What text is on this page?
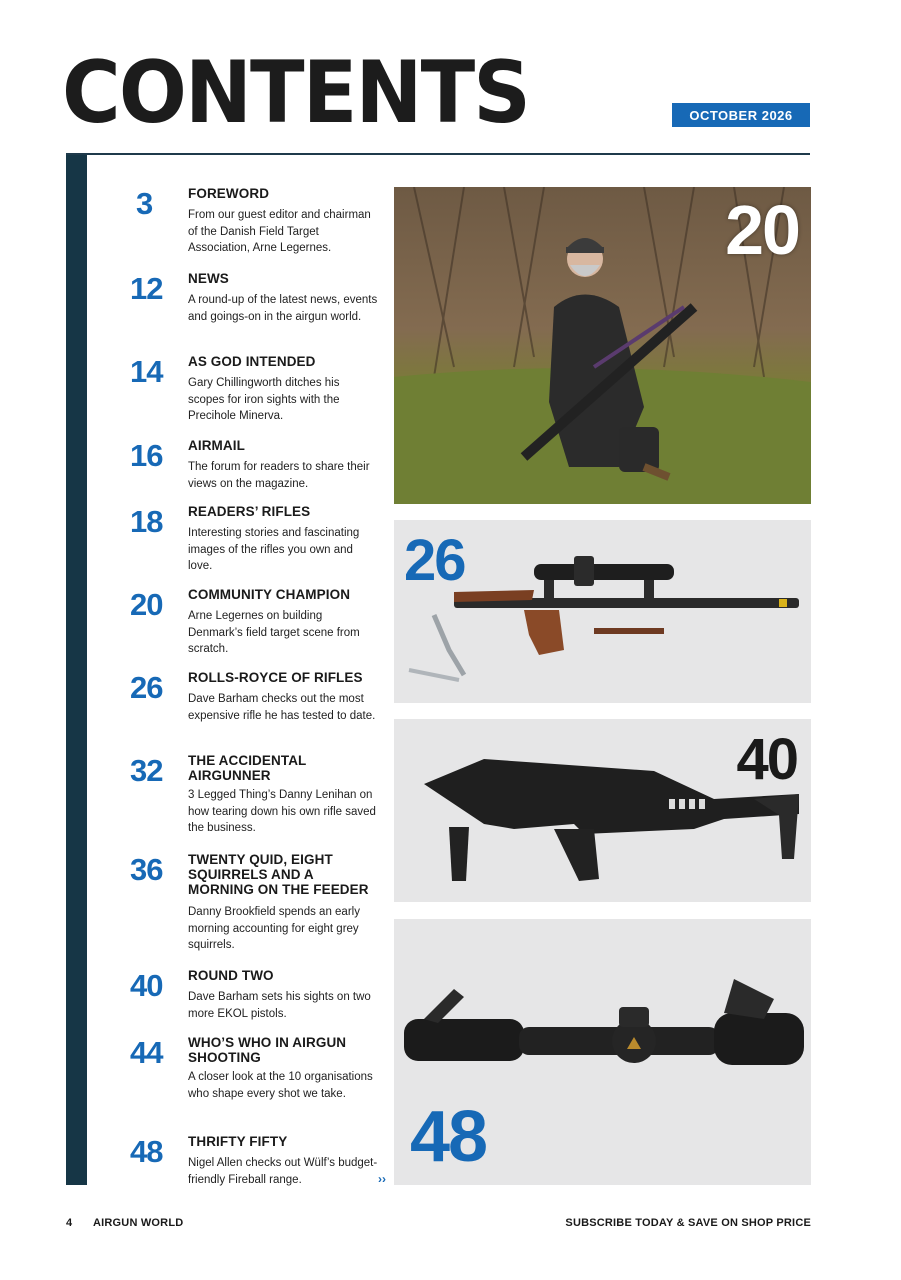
CONTENTS	OCTOBER 2026
3	FOREWORD
From our guest editor and chairman of the Danish Field Target Association, Arne Legernes.
12	NEWS
A round-up of the latest news, events and goings-on in the airgun world.
14	AS GOD INTENDED
Gary Chillingworth ditches his scopes for iron sights with the Precihole Minerva.
16	AIRMAIL
The forum for readers to share their views on the magazine.
18	READERS’ RIFLES
Interesting stories and fascinating images of the rifles you own and love.
20	COMMUNITY CHAMPION
Arne Legernes on building Denmark’s field target scene from scratch.
26	ROLLS-ROYCE OF RIFLES
Dave Barham checks out the most expensive rifle he has tested to date.
32	THE ACCIDENTAL AIRGUNNER
3 Legged Thing’s Danny Lenihan on how tearing down his own rifle saved the business.
36	TWENTY QUID, EIGHT SQUIRRELS AND A MORNING ON THE FEEDER
Danny Brookfield spends an early morning accounting for eight grey squirrels.
40	ROUND TWO
Dave Barham sets his sights on two more EKOL pistols.
44	WHO’S WHO IN AIRGUN SHOOTING
A closer look at the 10 organisations who shape every shot we take.
48	THRIFTY FIFTY
Nigel Allen checks out Wülf’s budget-friendly Fireball range.	››
20
26
40
48
4 AIRGUN WORLD	SUBSCRIBE TODAY & SAVE ON SHOP PRICE
